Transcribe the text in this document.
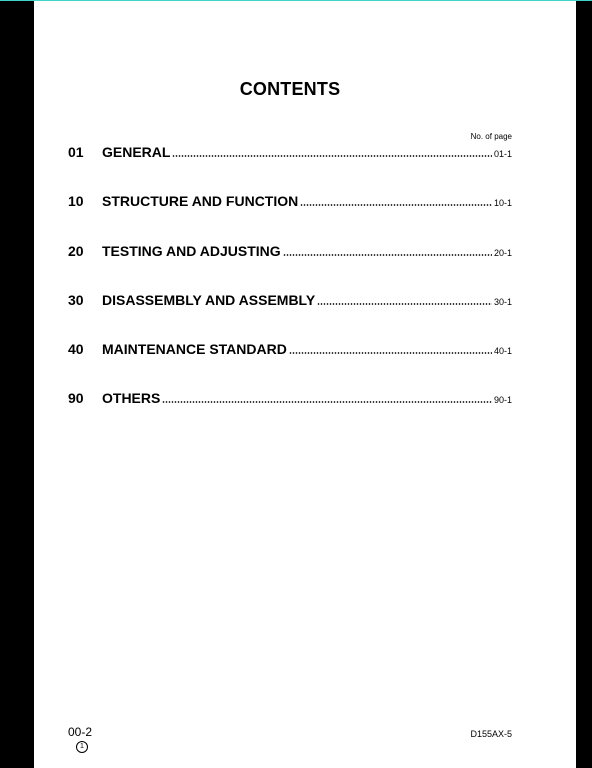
CONTENTS
No. of page
01	GENERAL	01-1
10	STRUCTURE AND FUNCTION	10-1
20	TESTING AND ADJUSTING	20-1
30	DISASSEMBLY AND ASSEMBLY	30-1
40	MAINTENANCE STANDARD	40-1
90	OTHERS	90-1
00-2
1
D155AX-5
